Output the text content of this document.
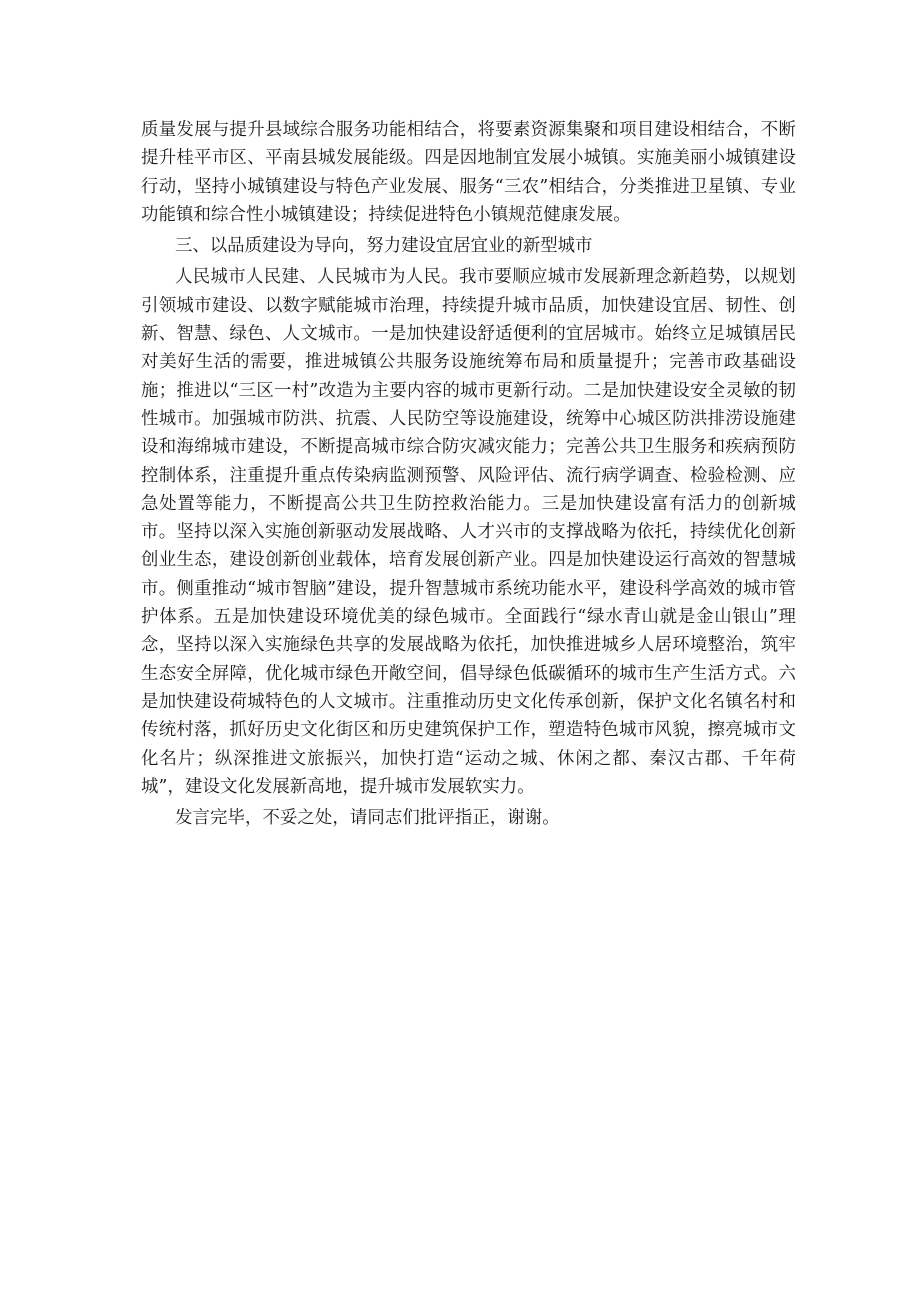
质量发展与提升县域综合服务功能相结合，将要素资源集聚和项目建设相结合，不断提升桂平市区、平南县城发展能级。四是因地制宜发展小城镇。实施美丽小城镇建设行动，坚持小城镇建设与特色产业发展、服务“三农”相结合，分类推进卫星镇、专业功能镇和综合性小城镇建设；持续促进特色小镇规范健康发展。

三、以品质建设为导向，努力建设宜居宜业的新型城市

人民城市人民建、人民城市为人民。我市要顺应城市发展新理念新趋势，以规划引领城市建设、以数字赋能城市治理，持续提升城市品质，加快建设宜居、韧性、创新、智慧、绿色、人文城市。一是加快建设舒适便利的宜居城市。始终立足城镇居民对美好生活的需要，推进城镇公共服务设施统筹布局和质量提升；完善市政基础设施；推进以“三区一村”改造为主要内容的城市更新行动。二是加快建设安全灵敏的韧性城市。加强城市防洪、抗震、人民防空等设施建设，统筹中心城区防洪排涝设施建设和海绵城市建设，不断提高城市综合防灾减灾能力；完善公共卫生服务和疾病预防控制体系，注重提升重点传染病监测预警、风险评估、流行病学调查、检验检测、应急处置等能力，不断提高公共卫生防控救治能力。三是加快建设富有活力的创新城市。坚持以深入实施创新驱动发展战略、人才兴市的支撑战略为依托，持续优化创新创业生态，建设创新创业载体，培育发展创新产业。四是加快建设运行高效的智慧城市。侧重推动“城市智脑”建设，提升智慧城市系统功能水平，建设科学高效的城市管护体系。五是加快建设环境优美的绿色城市。全面践行“绿水青山就是金山银山”理念，坚持以深入实施绿色共享的发展战略为依托，加快推进城乡人居环境整治，筑牢生态安全屏障，优化城市绿色开敞空间，倡导绿色低碳循环的城市生产生活方式。六是加快建设荷城特色的人文城市。注重推动历史文化传承创新，保护文化名镇名村和传统村落，抓好历史文化街区和历史建筑保护工作，塑造特色城市风貌，擦亮城市文化名片；纵深推进文旅振兴，加快打造“运动之城、休闲之都、秦汉古郡、千年荷城”，建设文化发展新高地，提升城市发展软实力。

发言完毕，不妥之处，请同志们批评指正，谢谢。
